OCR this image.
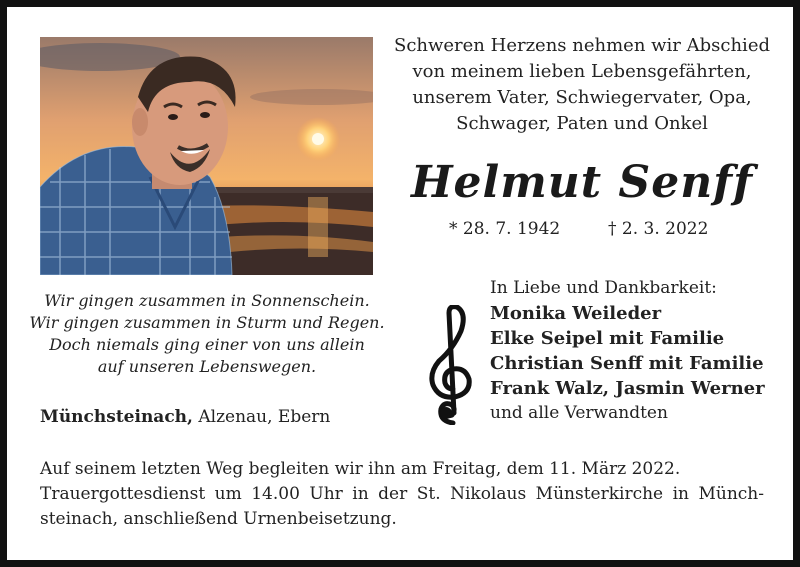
Schweren Herzens nehmen wir Abschied
von meinem lieben Lebensgefährten,
unserem Vater, Schwiegervater, Opa,
Schwager, Paten und Onkel
Helmut Senff
* 28. 7. 1942	† 2. 3. 2022
Wir gingen zusammen in Sonnenschein.
Wir gingen zusammen in Sturm und Regen.
Doch niemals ging einer von uns allein
auf unseren Lebenswegen.
Münchsteinach, Alzenau, Ebern
In Liebe und Dankbarkeit:
Monika Weileder
Elke Seipel mit Familie
Christian Senff mit Familie
Frank Walz, Jasmin Werner
und alle Verwandten
Auf seinem letzten Weg begleiten wir ihn am Freitag, dem 11. März 2022.
Trauergottesdienst um 14.00 Uhr in der St. Nikolaus Münsterkirche in Münch-
steinach, anschließend Urnenbeisetzung.
